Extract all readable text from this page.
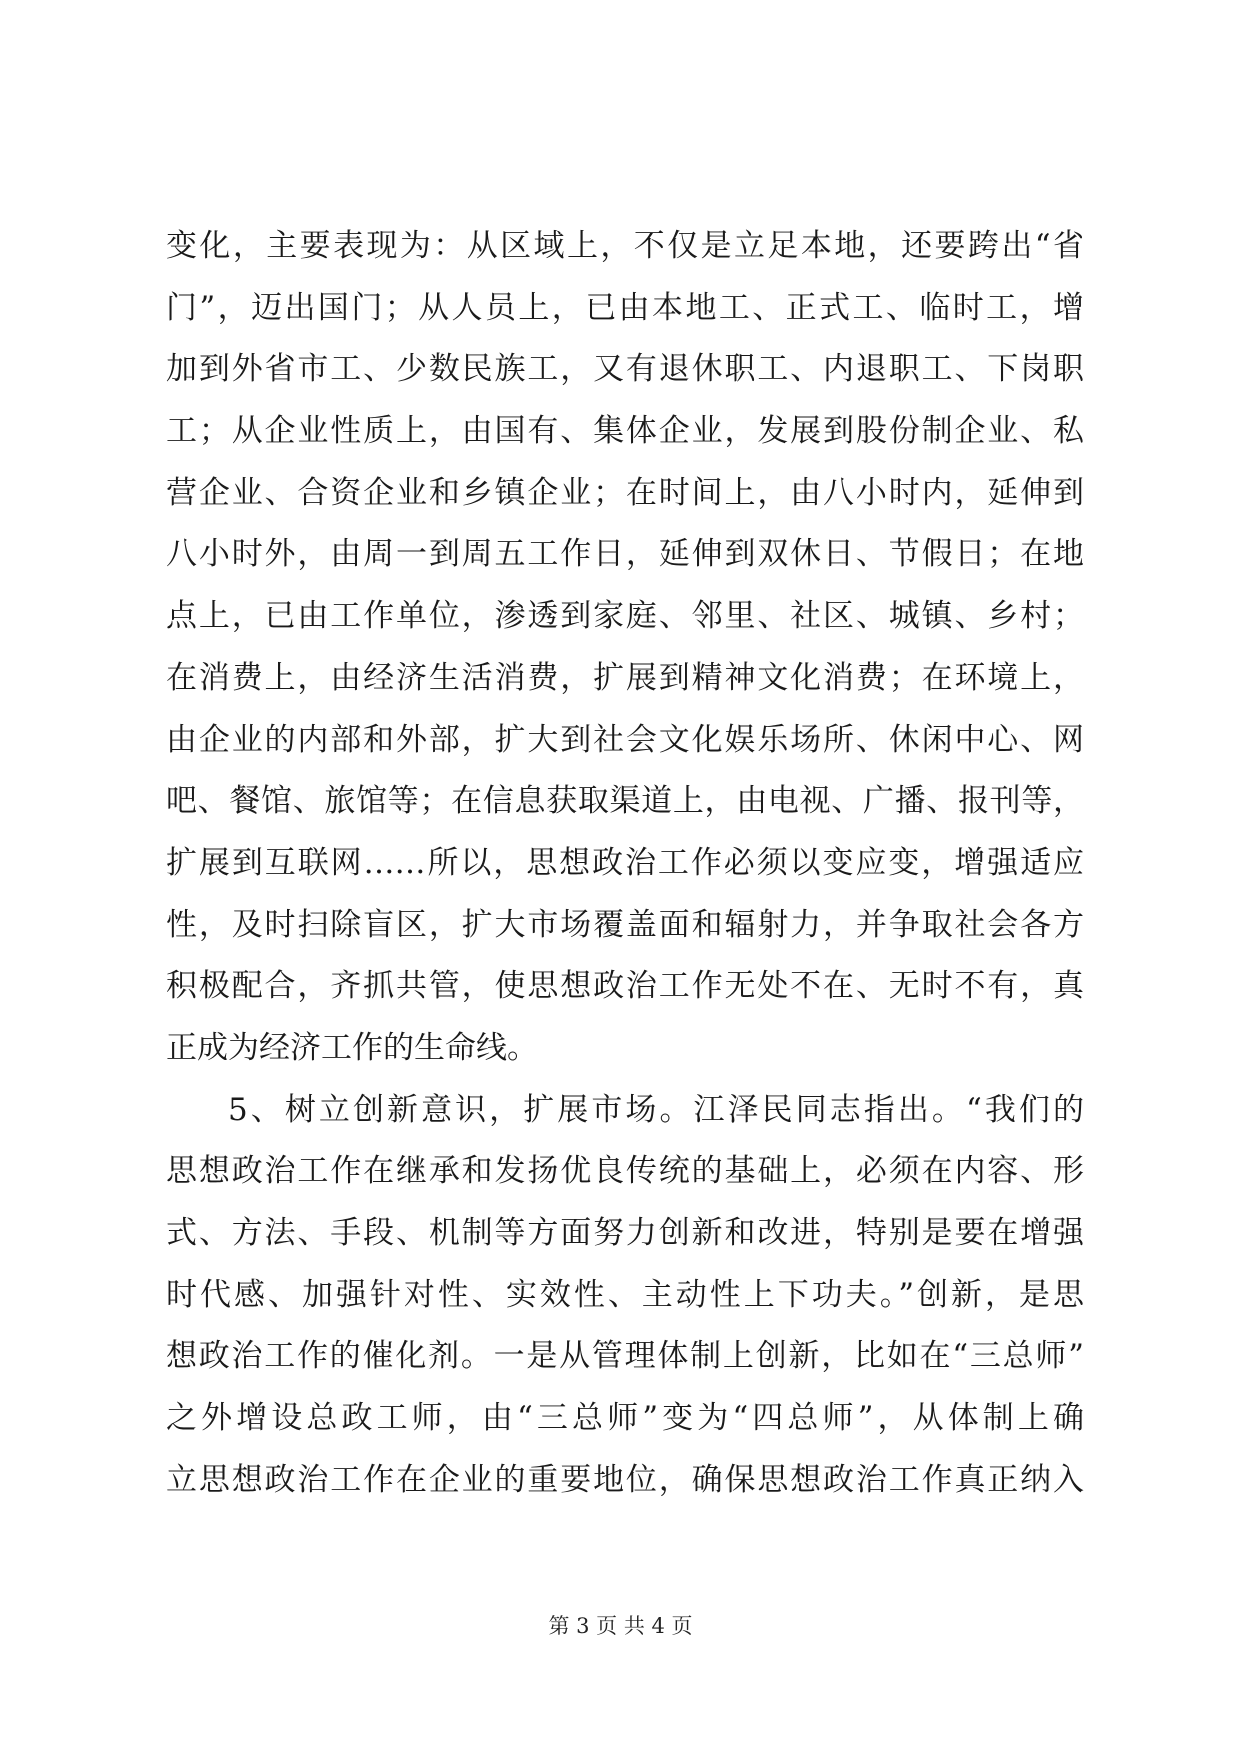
变化，主要表现为：从区域上，不仅是立足本地，还要跨出“省
门”，迈出国门；从人员上，已由本地工、正式工、临时工，增
加到外省市工、少数民族工，又有退休职工、内退职工、下岗职
工；从企业性质上，由国有、集体企业，发展到股份制企业、私
营企业、合资企业和乡镇企业；在时间上，由八小时内，延伸到
八小时外，由周一到周五工作日，延伸到双休日、节假日；在地
点上，已由工作单位，渗透到家庭、邻里、社区、城镇、乡村；
在消费上，由经济生活消费，扩展到精神文化消费；在环境上，
由企业的内部和外部，扩大到社会文化娱乐场所、休闲中心、网
吧、餐馆、旅馆等；在信息获取渠道上，由电视、广播、报刊等，
扩展到互联网……所以，思想政治工作必须以变应变，增强适应
性，及时扫除盲区，扩大市场覆盖面和辐射力，并争取社会各方
积极配合，齐抓共管，使思想政治工作无处不在、无时不有，真
正成为经济工作的生命线。
5、树立创新意识，扩展市场。江泽民同志指出。“我们的
思想政治工作在继承和发扬优良传统的基础上，必须在内容、形
式、方法、手段、机制等方面努力创新和改进，特别是要在增强
时代感、加强针对性、实效性、主动性上下功夫。”创新，是思
想政治工作的催化剂。一是从管理体制上创新，比如在“三总师”
之外增设总政工师，由“三总师”变为“四总师”，从体制上确
立思想政治工作在企业的重要地位，确保思想政治工作真正纳入
第 3 页 共 4 页
